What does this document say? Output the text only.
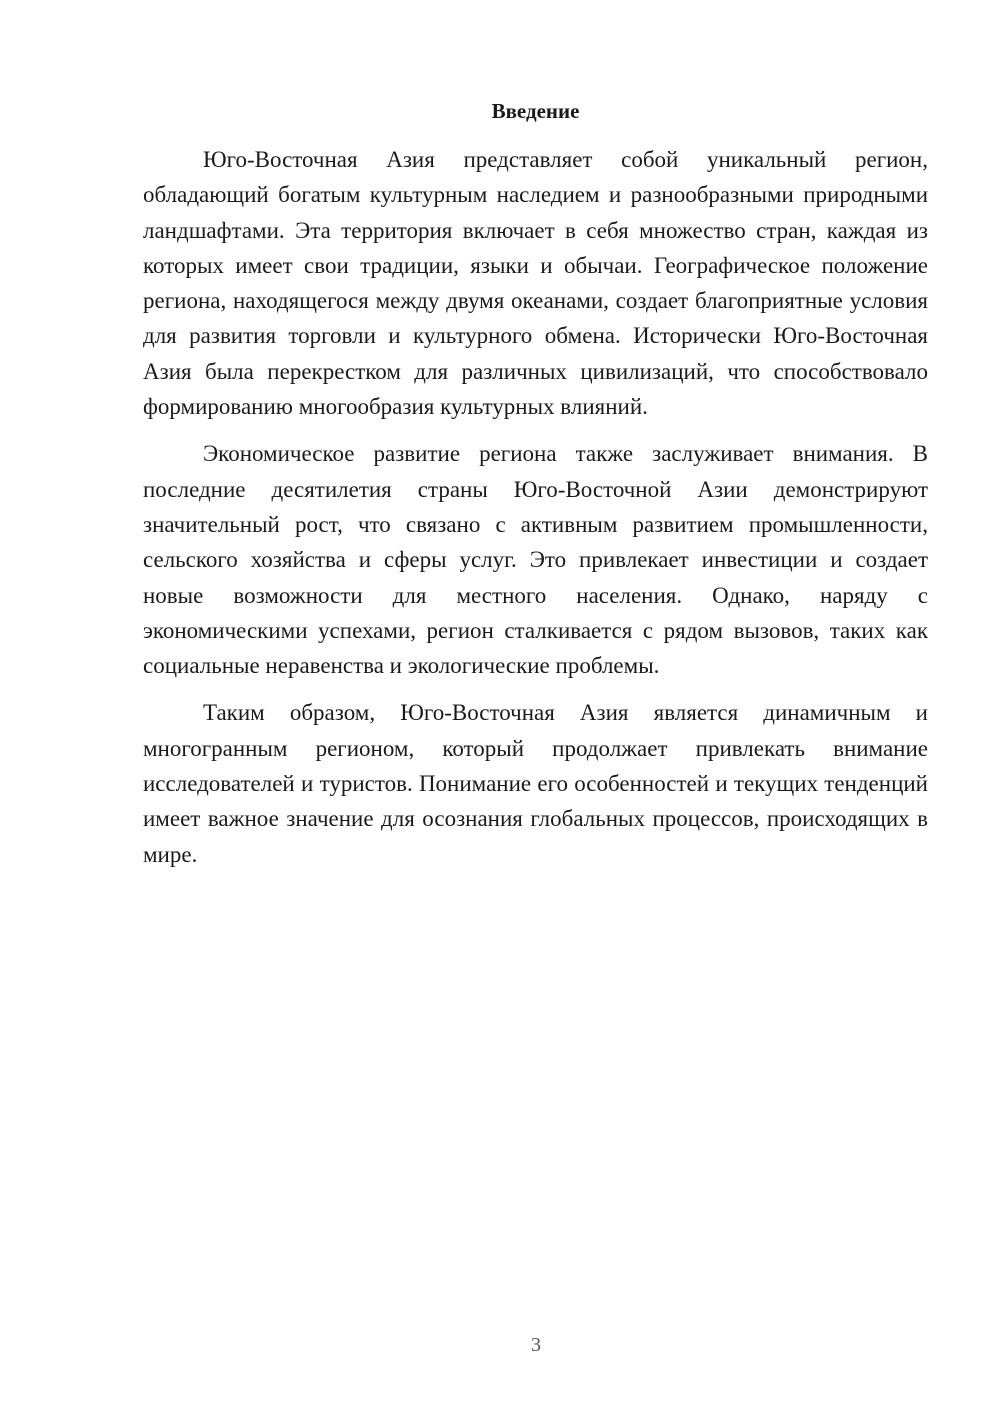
Введение

Юго-Восточная Азия представляет собой уникальный регион, обладающий богатым культурным наследием и разнообразными природными ландшафтами. Эта территория включает в себя множество стран, каждая из которых имеет свои традиции, языки и обычаи. Географическое положение региона, находящегося между двумя океанами, создает благоприятные условия для развития торговли и культурного обмена. Исторически Юго-Восточная Азия была перекрестком для различных цивилизаций, что способствовало формированию многообразия культурных влияний.

Экономическое развитие региона также заслуживает внимания. В последние десятилетия страны Юго-Восточной Азии демонстрируют значительный рост, что связано с активным развитием промышленности, сельского хозяйства и сферы услуг. Это привлекает инвестиции и создает новые возможности для местного населения. Однако, наряду с экономическими успехами, регион сталкивается с рядом вызовов, таких как социальные неравенства и экологические проблемы.

Таким образом, Юго-Восточная Азия является динамичным и многогранным регионом, который продолжает привлекать внимание исследователей и туристов. Понимание его особенностей и текущих тенденций имеет важное значение для осознания глобальных процессов, происходящих в мире.

3
